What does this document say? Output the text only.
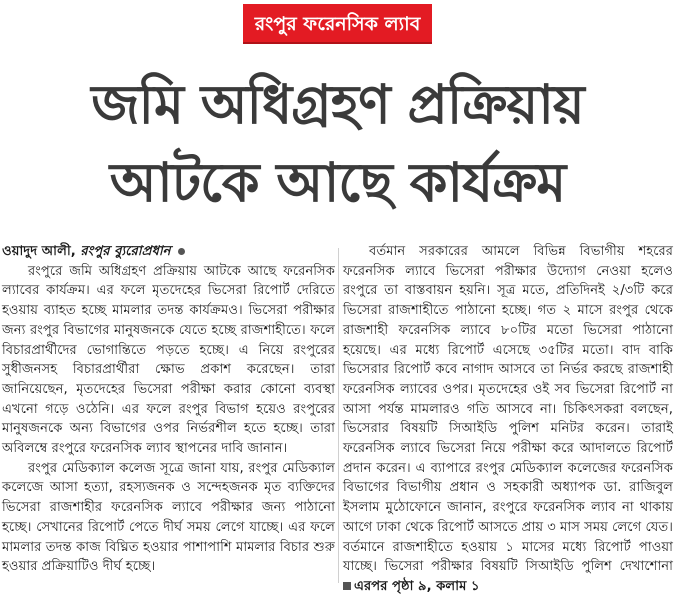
রংপুর ফরেনসিক ল্যাব
জমি অধিগ্রহণ প্রক্রিয়ায়
আটকে আছে কার্যক্রম

ওয়াদুদ আলী, রংপুর ব্যুরোপ্রধান

রংপুরে জমি অধিগ্রহণ প্রক্রিয়ায় আটকে আছে ফরেনসিক ল্যাবের কার্যক্রম। এর ফলে মৃতদেহের ভিসেরা রিপোর্ট দেরিতে হওয়ায় ব্যাহত হচ্ছে মামলার তদন্ত কার্যক্রমও। ভিসেরা পরীক্ষার জন্য রংপুর বিভাগের মানুষজনকে যেতে হচ্ছে রাজশাহীতে। ফলে বিচারপ্রার্থীদের ভোগান্তিতে পড়তে হচ্ছে। এ নিয়ে রংপুরের সুধীজনসহ বিচারপ্রার্থীরা ক্ষোভ প্রকাশ করেছেন। তারা জানিয়েছেন, মৃতদেহের ভিসেরা পরীক্ষা করার কোনো ব্যবস্থা এখনো গড়ে ওঠেনি। এর ফলে রংপুর বিভাগ হয়েও রংপুরের মানুষজনকে অন্য বিভাগের ওপর নির্ভরশীল হতে হচ্ছে। তারা অবিলম্বে রংপুরে ফরেনসিক ল্যাব স্থাপনের দাবি জানান।

রংপুর মেডিক্যাল কলেজ সূত্রে জানা যায়, রংপুর মেডিক্যাল কলেজে আসা হত্যা, রহস্যজনক ও সন্দেহজনক মৃত ব্যক্তিদের ভিসেরা রাজশাহীর ফরেনসিক ল্যাবে পরীক্ষার জন্য পাঠানো হচ্ছে। সেখানের রিপোর্ট পেতে দীর্ঘ সময় লেগে যাচ্ছে। এর ফলে মামলার তদন্ত কাজ বিঘ্নিত হওয়ার পাশাপাশি মামলার বিচার শুরু হওয়ার প্রক্রিয়াটিও দীর্ঘ হচ্ছে।

বর্তমান সরকারের আমলে বিভিন্ন বিভাগীয় শহরের ফরেনসিক ল্যাবে ভিসেরা পরীক্ষার উদ্যোগ নেওয়া হলেও রংপুরে তা বাস্তবায়ন হয়নি। সূত্র মতে, প্রতিদিনই ২/৩টি করে ভিসেরা রাজশাহীতে পাঠানো হচ্ছে। গত ২ মাসে রংপুর থেকে রাজশাহী ফরেনসিক ল্যাবে ৮০টির মতো ভিসেরা পাঠানো হয়েছে। এর মধ্যে রিপোর্ট এসেছে ৩৫টির মতো। বাদ বাকি ভিসেরার রিপোর্ট কবে নাগাদ আসবে তা নির্ভর করছে রাজশাহী ফরেনসিক ল্যাবের ওপর। মৃতদেহের ওই সব ভিসেরা রিপোর্ট না আসা পর্যন্ত মামলারও গতি আসবে না। চিকিৎসকরা বলছেন, ভিসেরার বিষয়টি সিআইডি পুলিশ মনিটর করেন। তারাই ফরেনসিক ল্যাবে ভিসেরা নিয়ে পরীক্ষা করে আদালতে রিপোর্ট প্রদান করেন। এ ব্যাপারে রংপুর মেডিক্যাল কলেজের ফরেনসিক বিভাগের বিভাগীয় প্রধান ও সহকারী অধ্যাপক ডা. রাজিবুল ইসলাম মুঠোফোনে জানান, রংপুরে ফরেনসিক ল্যাব না থাকায় আগে ঢাকা থেকে রিপোর্ট আসতে প্রায় ৩ মাস সময় লেগে যেত। বর্তমানে রাজশাহীতে হওয়ায় ১ মাসের মধ্যে রিপোর্ট পাওয়া যাচ্ছে। ভিসেরা পরীক্ষার বিষয়টি সিআইডি পুলিশ দেখাশোনা এরপর পৃষ্ঠা ৯, কলাম ১
